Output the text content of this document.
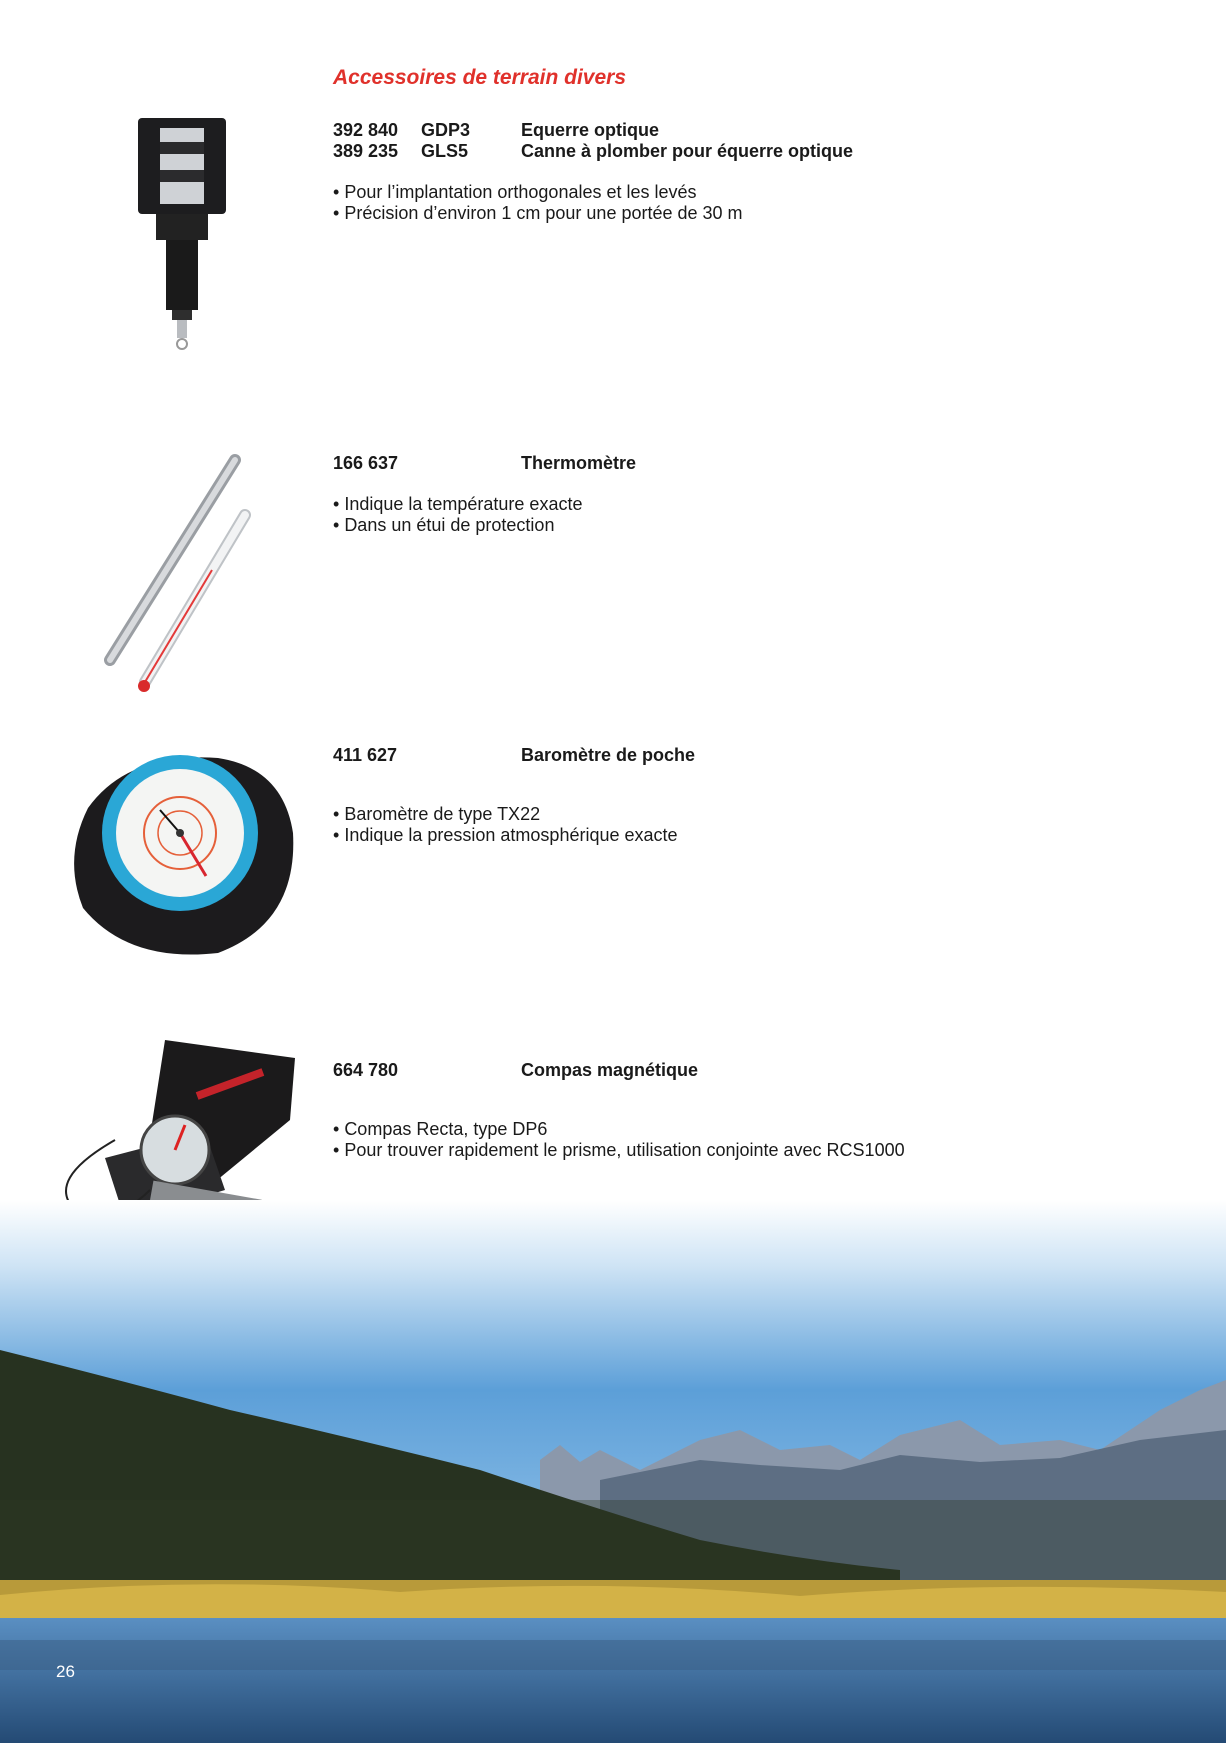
Accessoires de terrain divers
392 840	GDP3	Equerre optique
389 235	GLS5	Canne à plomber pour équerre optique
• Pour l’implantation orthogonales et les levés
• Précision d’environ 1 cm pour une portée de 30 m
166 637	Thermomètre
• Indique la température exacte
• Dans un étui de protection
411 627	Baromètre de poche
• Baromètre de type TX22
• Indique la pression atmosphérique exacte
664 780	Compas magnétique
• Compas Recta, type DP6
• Pour trouver rapidement le prisme, utilisation conjointe avec RCS1000
26
